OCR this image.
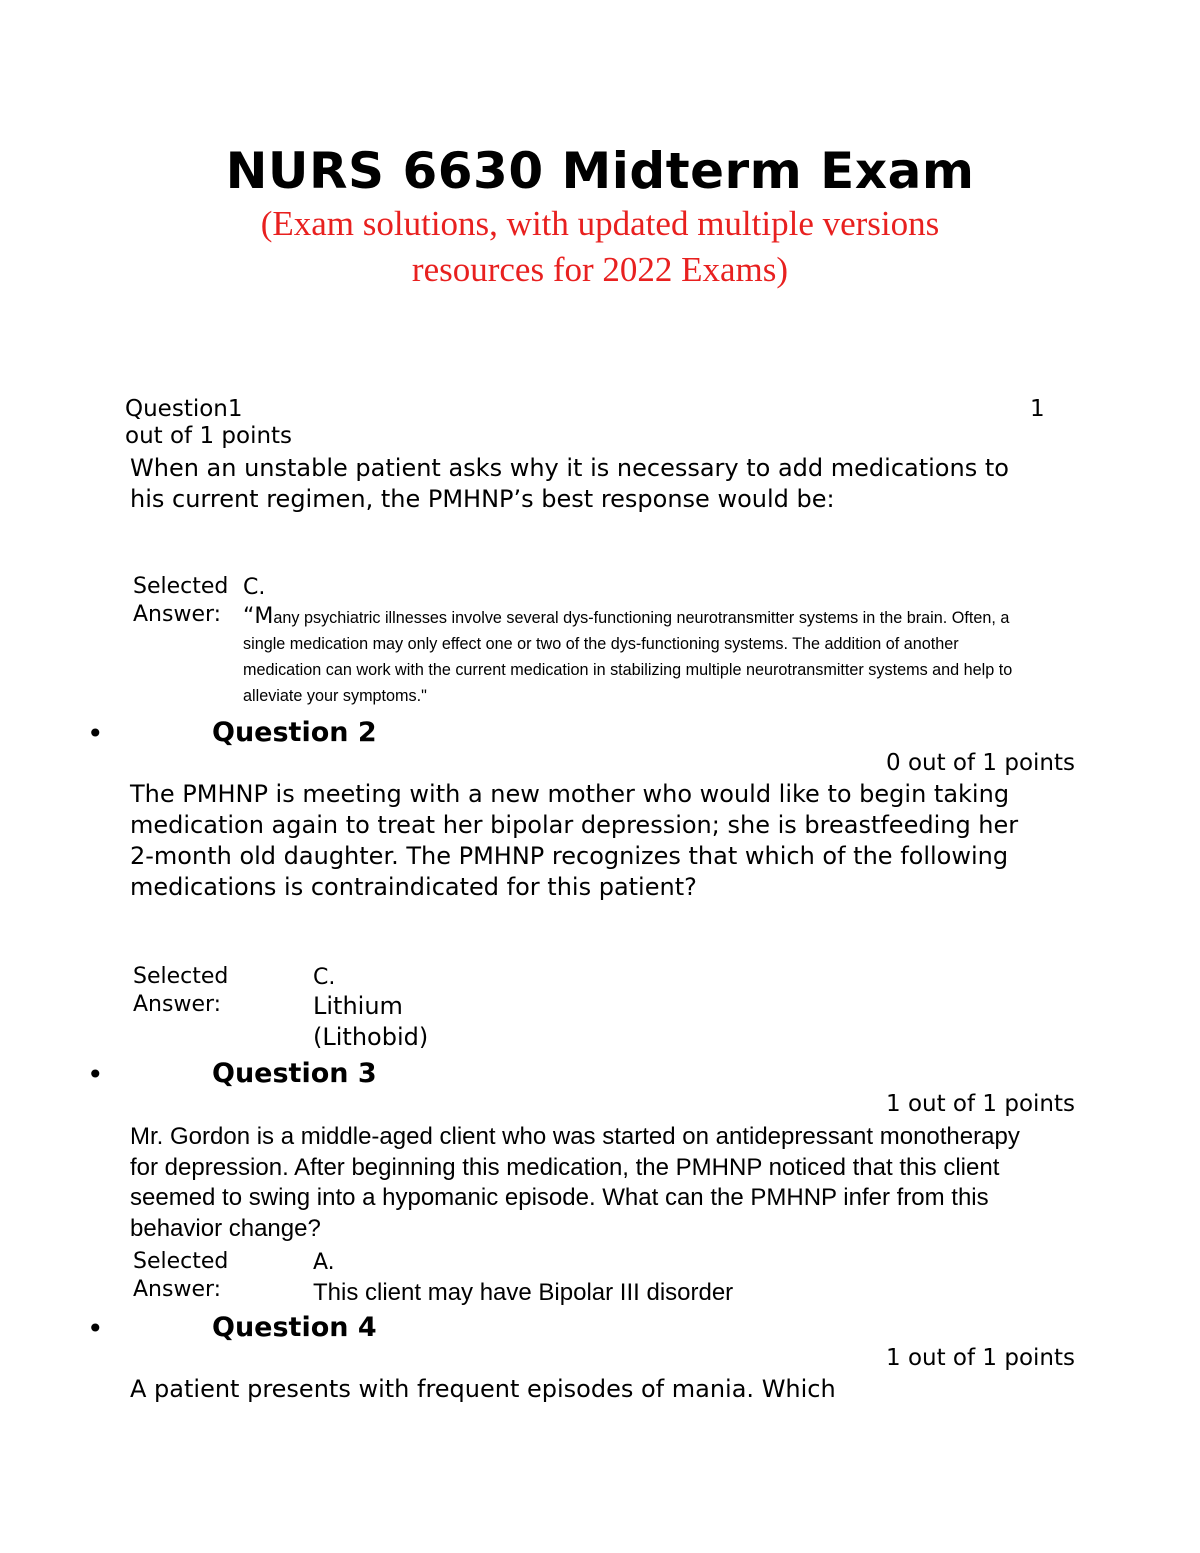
NURS 6630 Midterm Exam

(Exam solutions, with updated multiple versions

resources for 2022 Exams)

Question1	1
out of 1 points

When an unstable patient asks why it is necessary to add medications to his current regimen, the PMHNP’s best response would be:

Selected Answer:

C.

“Many psychiatric illnesses involve several dys-functioning neurotransmitter systems in the brain. Often, a single medication may only effect one or two of the dys-functioning systems. The addition of another medication can work with the current medication in stabilizing multiple neurotransmitter systems and help to alleviate your symptoms."

•	Question 2
0 out of 1 points

The PMHNP is meeting with a new mother who would like to begin taking medication again to treat her bipolar depression; she is breastfeeding her 2-month old daughter. The PMHNP recognizes that which of the following medications is contraindicated for this patient?

Selected Answer:

C.

Lithium (Lithobid)

•	Question 3
1 out of 1 points

Mr. Gordon is a middle-aged client who was started on antidepressant monotherapy for depression. After beginning this medication, the PMHNP noticed that this client seemed to swing into a hypomanic episode. What can the PMHNP infer from this behavior change?

Selected Answer:

A.

This client may have Bipolar III disorder

•	Question 4
1 out of 1 points

A patient presents with frequent episodes of mania. Which
